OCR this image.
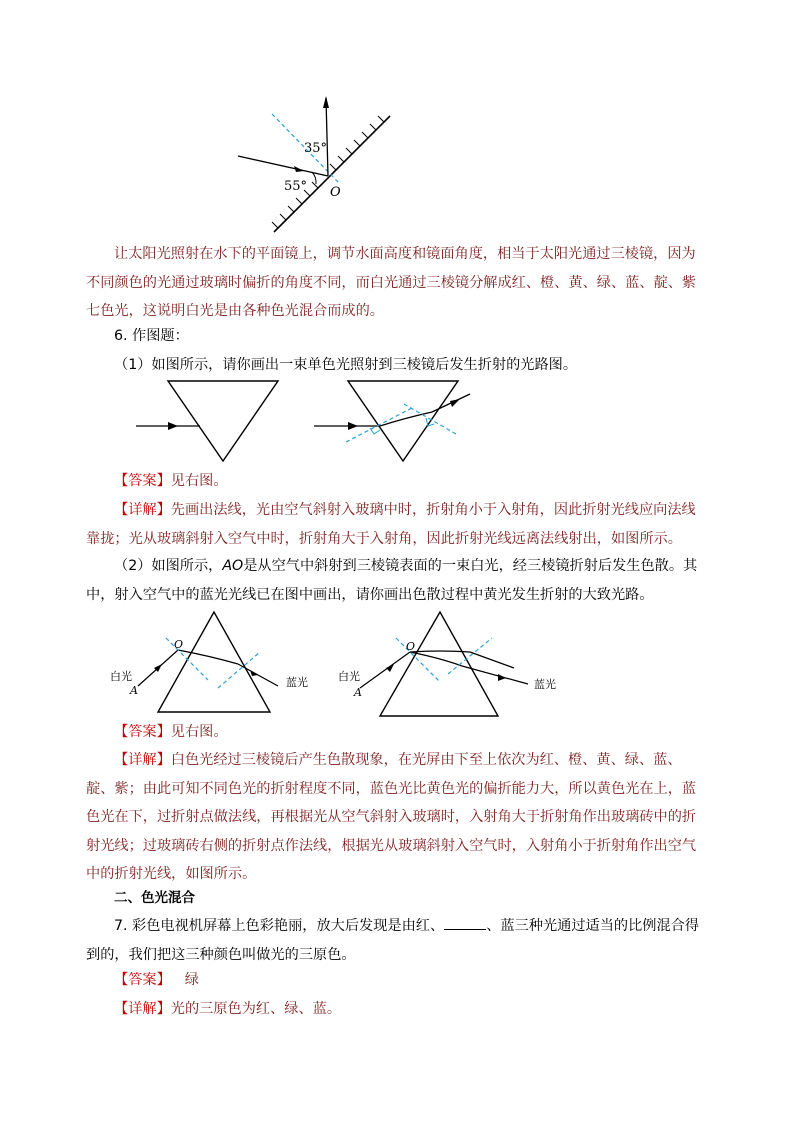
35°
55° O
让太阳光照射在水下的平面镜上，调节水面高度和镜面角度，相当于太阳光通过三棱镜，因为不同颜色的光通过玻璃时偏折的角度不同，而白光通过三棱镜分解成红、橙、黄、绿、蓝、靛、紫七色光，这说明白光是由各种色光混合而成的。
6. 作图题：
（1）如图所示，请你画出一束单色光照射到三棱镜后发生折射的光路图。
【答案】见右图。
【详解】先画出法线，光由空气斜射入玻璃中时，折射角小于入射角，因此折射光线应向法线靠拢；光从玻璃斜射入空气中时，折射角大于入射角，因此折射光线远离法线射出，如图所示。
（2）如图所示，AO是从空气中斜射到三棱镜表面的一束白光，经三棱镜折射后发生色散。其中，射入空气中的蓝光光线已在图中画出，请你画出色散过程中黄光发生折射的大致光路。
白光
A
O
蓝光	白光
A
O
蓝光
【答案】见右图。
【详解】白色光经过三棱镜后产生色散现象，在光屏由下至上依次为红、橙、黄、绿、蓝、靛、紫；由此可知不同色光的折射程度不同，蓝色光比黄色光的偏折能力大，所以黄色光在上，蓝色光在下，过折射点做法线，再根据光从空气斜射入玻璃时，入射角大于折射角作出玻璃砖中的折射光线；过玻璃砖右侧的折射点作法线，根据光从玻璃斜射入空气时，入射角小于折射角作出空气中的折射光线，如图所示。
二、色光混合
7. 彩色电视机屏幕上色彩艳丽，放大后发现是由红、	、蓝三种光通过适当的比例混合得到的，我们把这三种颜色叫做光的三原色。
【答案】 绿
【详解】光的三原色为红、绿、蓝。
